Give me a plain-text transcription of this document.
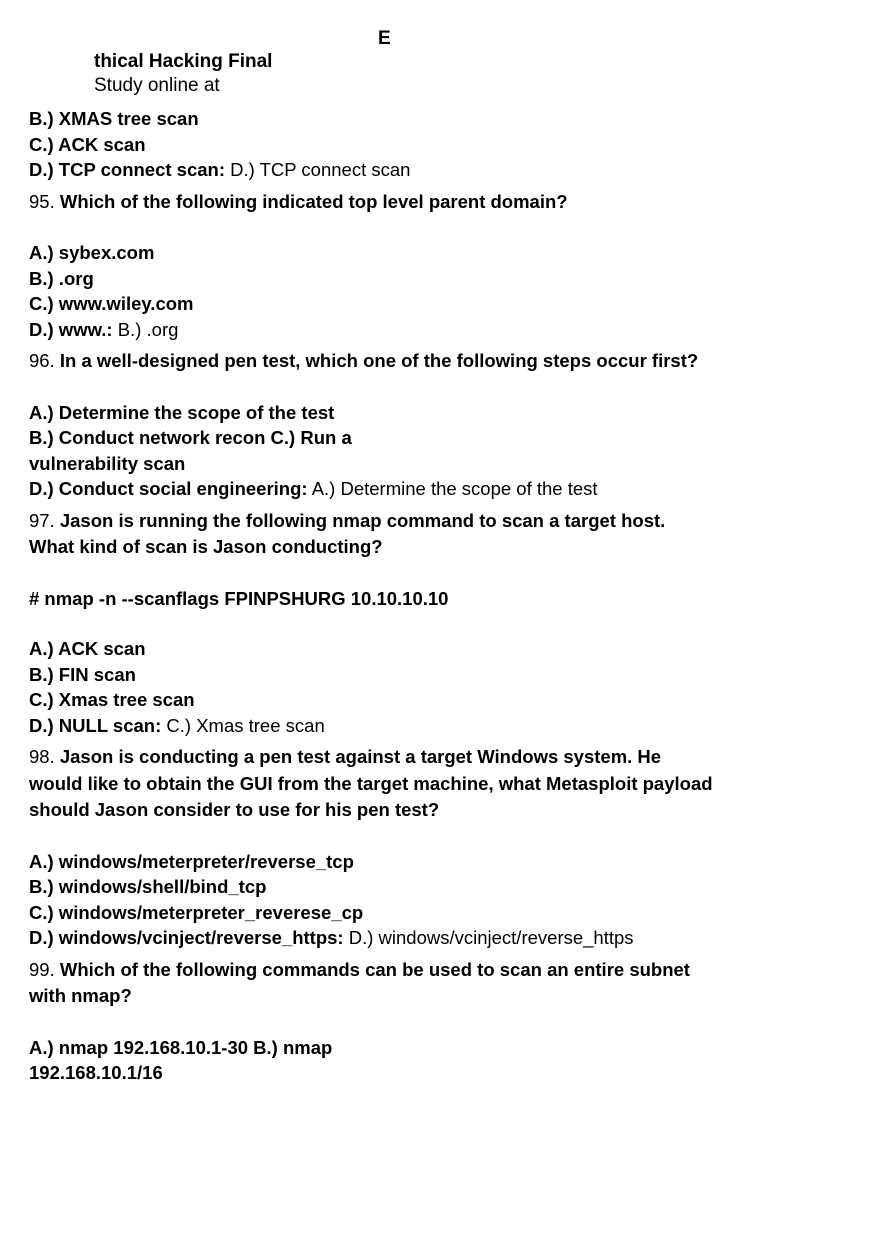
E
thical Hacking Final
Study online at
B.) XMAS tree scan
C.) ACK scan
D.) TCP connect scan: D.) TCP connect scan
95. Which of the following indicated top level parent domain?
A.) sybex.com
B.) .org
C.) www.wiley.com
D.) www.: B.) .org
96. In a well-designed pen test, which one of the following steps occur first?
A.) Determine the scope of the test
B.) Conduct network recon C.) Run a
vulnerability scan
D.) Conduct social engineering: A.) Determine the scope of the test
97. Jason is running the following nmap command to scan a target host.
What kind of scan is Jason conducting?
# nmap -n --scanflags FPINPSHURG 10.10.10.10
A.) ACK scan
B.) FIN scan
C.) Xmas tree scan
D.) NULL scan: C.) Xmas tree scan
98. Jason is conducting a pen test against a target Windows system. He
would like to obtain the GUI from the target machine, what Metasploit payload
should Jason consider to use for his pen test?
A.) windows/meterpreter/reverse_tcp
B.) windows/shell/bind_tcp
C.) windows/meterpreter_reverese_cp
D.) windows/vcinject/reverse_https: D.) windows/vcinject/reverse_https
99. Which of the following commands can be used to scan an entire subnet
with nmap?
A.) nmap 192.168.10.1-30 B.) nmap
192.168.10.1/16
